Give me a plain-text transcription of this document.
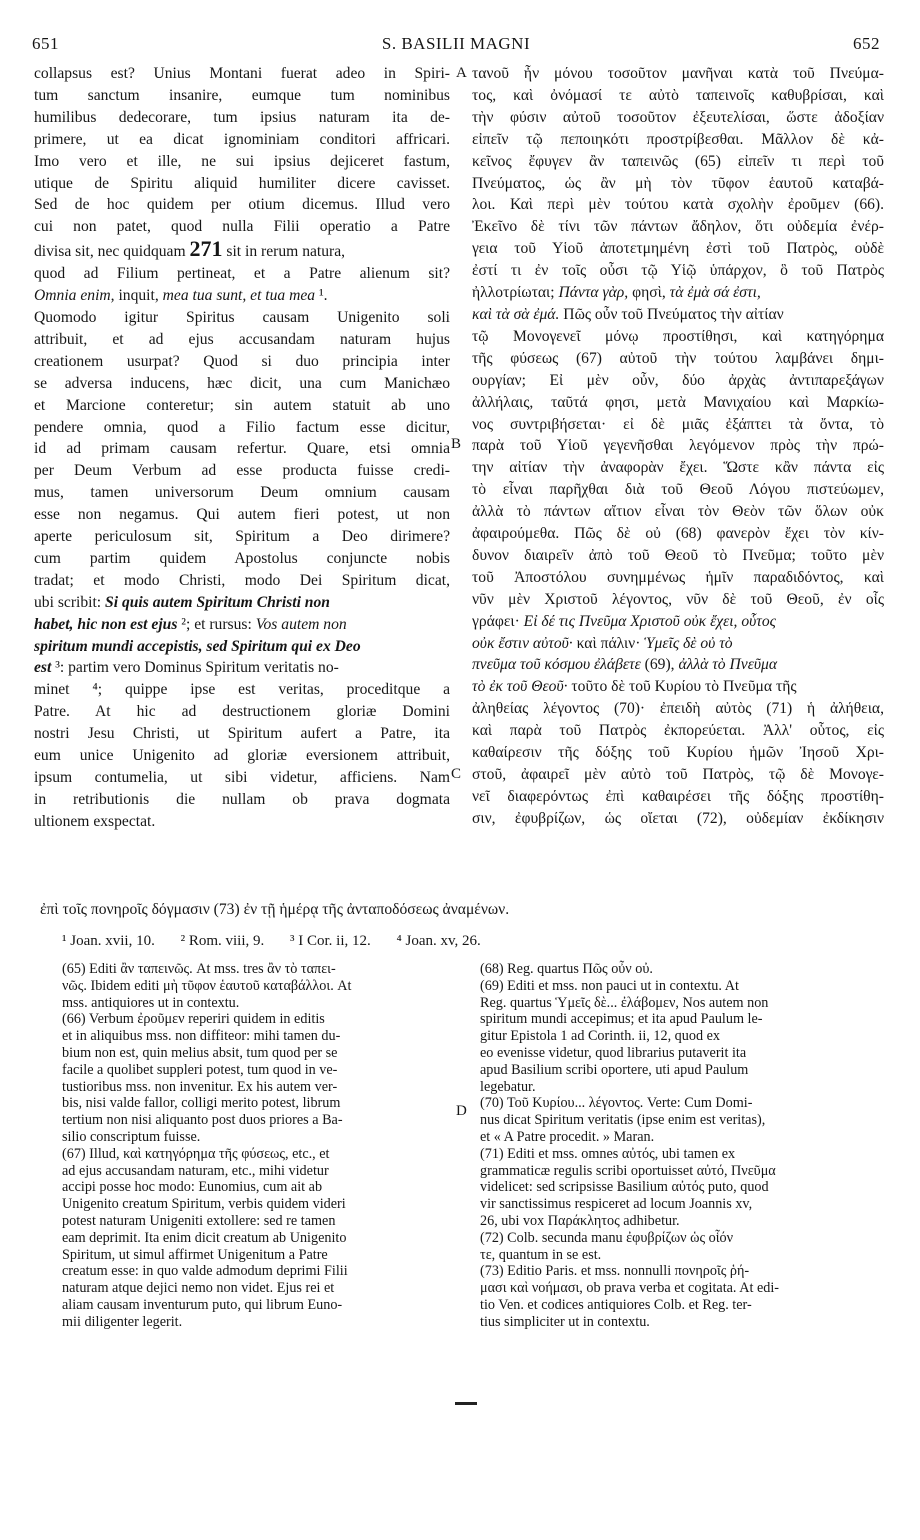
651	S. BASILII MAGNI	652
A
B
C
D
collapsus est? Unius Montani fuerat adeo in Spiri-
tum sanctum insanire, eumque tum nominibus
humilibus dedecorare, tum ipsius naturam ita de-
primere, ut ea dicat ignominiam conditori affricari.
Imo vero et ille, ne sui ipsius dejiceret fastum,
utique de Spiritu aliquid humiliter dicere cavisset.
Sed de hoc quidem per otium dicemus. Illud vero
cui non patet, quod nulla Filii operatio a Patre
divisa sit, nec quidquam 271 sit in rerum natura,
quod ad Filium pertineat, et a Patre alienum sit?
Omnia enim, inquit, mea tua sunt, et tua mea ¹.
Quomodo igitur Spiritus causam Unigenito soli
attribuit, et ad ejus accusandam naturam hujus
creationem usurpat? Quod si duo principia inter
se adversa inducens, hæc dicit, una cum Manichæo
et Marcione conteretur; sin autem statuit ab uno
pendere omnia, quod a Filio factum esse dicitur,
id ad primam causam refertur. Quare, etsi omnia
per Deum Verbum ad esse producta fuisse credi-
mus, tamen universorum Deum omnium causam
esse non negamus. Qui autem fieri potest, ut non
aperte periculosum sit, Spiritum a Deo dirimere?
cum partim quidem Apostolus conjuncte nobis
tradat; et modo Christi, modo Dei Spiritum dicat,
ubi scribit: Si quis autem Spiritum Christi non
habet, hic non est ejus ²; et rursus: Vos autem non
spiritum mundi accepistis, sed Spiritum qui ex Deo
est ³: partim vero Dominus Spiritum veritatis no-
minet ⁴; quippe ipse est veritas, proceditque a
Patre. At hic ad destructionem gloriæ Domini
nostri Jesu Christi, ut Spiritum aufert a Patre, ita
eum unice Unigenito ad gloriæ eversionem attribuit,
ipsum contumelia, ut sibi videtur, afficiens. Nam
in retributionis die nullam ob prava dogmata
ultionem exspectat.
τανοῦ ἦν μόνου τοσοῦτον μανῆναι κατὰ τοῦ Πνεύμα-
τος, καὶ ὀνόμασί τε αὐτὸ ταπεινοῖς καθυβρίσαι, καὶ
τὴν φύσιν αὐτοῦ τοσοῦτον ἐξευτελίσαι, ὥστε ἀδοξίαν
εἰπεῖν τῷ πεποιηκότι προστρίβεσθαι. Μᾶλλον δὲ κἀ-
κεῖνος ἔφυγεν ἂν ταπεινῶς (65) εἰπεῖν τι περὶ τοῦ
Πνεύματος, ὡς ἂν μὴ τὸν τῦφον ἑαυτοῦ καταβά-
λοι. Καὶ περὶ μὲν τούτου κατὰ σχολὴν ἐροῦμεν (66).
Ἐκεῖνο δὲ τίνι τῶν πάντων ἄδηλον, ὅτι οὐδεμία ἐνέρ-
γεια τοῦ Υἱοῦ ἀποτετμημένη ἐστὶ τοῦ Πατρὸς, οὐδὲ
ἐστί τι ἐν τοῖς οὖσι τῷ Υἱῷ ὑπάρχον, ὃ τοῦ Πατρὸς
ἠλλοτρίωται; Πάντα γὰρ, φησὶ, τὰ ἐμὰ σά ἐστι,
καὶ τὰ σὰ ἐμά. Πῶς οὖν τοῦ Πνεύματος τὴν αἰτίαν
τῷ Μονογενεῖ μόνῳ προστίθησι, καὶ κατηγόρημα
τῆς φύσεως (67) αὐτοῦ τὴν τούτου λαμβάνει δημι-
ουργίαν; Εἰ μὲν οὖν, δύο ἀρχὰς ἀντιπαρεξάγων
ἀλλήλαις, ταῦτά φησι, μετὰ Μανιχαίου καὶ Μαρκίω-
νος συντριβήσεται· εἰ δὲ μιᾶς ἐξάπτει τὰ ὄντα, τὸ
παρὰ τοῦ Υἱοῦ γεγενῆσθαι λεγόμενον πρὸς τὴν πρώ-
την αἰτίαν τὴν ἀναφορὰν ἔχει. Ὥστε κἂν πάντα εἰς
τὸ εἶναι παρῆχθαι διὰ τοῦ Θεοῦ Λόγου πιστεύωμεν,
ἀλλὰ τὸ πάντων αἴτιον εἶναι τὸν Θεὸν τῶν ὅλων οὐκ
ἀφαιρούμεθα. Πῶς δὲ οὐ (68) φανερὸν ἔχει τὸν κίν-
δυνον διαιρεῖν ἀπὸ τοῦ Θεοῦ τὸ Πνεῦμα; τοῦτο μὲν
τοῦ Ἀποστόλου συνημμένως ἡμῖν παραδιδόντος, καὶ
νῦν μὲν Χριστοῦ λέγοντος, νῦν δὲ τοῦ Θεοῦ, ἐν οἷς
γράφει· Εἰ δέ τις Πνεῦμα Χριστοῦ οὐκ ἔχει, οὗτος
οὐκ ἔστιν αὐτοῦ· καὶ πάλιν· Ὑμεῖς δὲ οὐ τὸ
πνεῦμα τοῦ κόσμου ἐλάβετε (69), ἀλλὰ τὸ Πνεῦμα
τὸ ἐκ τοῦ Θεοῦ· τοῦτο δὲ τοῦ Κυρίου τὸ Πνεῦμα τῆς
ἀληθείας λέγοντος (70)· ἐπειδὴ αὐτὸς (71) ἡ ἀλήθεια,
καὶ παρὰ τοῦ Πατρὸς ἐκπορεύεται. Ἀλλ' οὗτος, εἰς
καθαίρεσιν τῆς δόξης τοῦ Κυρίου ἡμῶν Ἰησοῦ Χρι-
στοῦ, ἀφαιρεῖ μὲν αὐτὸ τοῦ Πατρὸς, τῷ δὲ Μονογε-
νεῖ διαφερόντως ἐπὶ καθαιρέσει τῆς δόξης προστίθη-
σιν, ἐφυβρίζων, ὡς οἴεται (72), οὐδεμίαν ἐκδίκησιν
ἐπὶ τοῖς πονηροῖς δόγμασιν (73) ἐν τῇ ἡμέρᾳ τῆς ἀνταποδόσεως ἀναμένων.
¹ Joan. xvii, 10. ² Rom. viii, 9. ³ I Cor. ii, 12. ⁴ Joan. xv, 26.

(65) Editi ἂν ταπεινῶς. At mss. tres ἂν τὸ ταπει-
νῶς. Ibidem editi μὴ τῦφον ἑαυτοῦ καταβάλλοι. At
mss. antiquiores ut in contextu.

(66) Verbum ἐροῦμεν reperiri quidem in editis
et in aliquibus mss. non diffiteor: mihi tamen du-
bium non est, quin melius absit, tum quod per se
facile a quolibet suppleri potest, tum quod in ve-
tustioribus mss. non invenitur. Ex his autem ver-
bis, nisi valde fallor, colligi merito potest, librum
tertium non nisi aliquanto post duos priores a Ba-
silio conscriptum fuisse.

(67) Illud, καὶ κατηγόρημα τῆς φύσεως, etc., et
ad ejus accusandam naturam, etc., mihi videtur
accipi posse hoc modo: Eunomius, cum ait ab
Unigenito creatum Spiritum, verbis quidem videri
potest naturam Unigeniti extollere: sed re tamen
eam deprimit. Ita enim dicit creatum ab Unigenito
Spiritum, ut simul affirmet Unigenitum a Patre
creatum esse: in quo valde admodum deprimi Filii
naturam atque dejici nemo non videt. Ejus rei et
aliam causam inventurum puto, qui librum Euno-
mii diligenter legerit.

(68) Reg. quartus Πῶς οὖν οὐ.

(69) Editi et mss. non pauci ut in contextu. At
Reg. quartus Ὑμεῖς δὲ... ἐλάβομεν, Nos autem non
spiritum mundi accepimus; et ita apud Paulum le-
gitur Epistola 1 ad Corinth. ii, 12, quod ex
eo evenisse videtur, quod librarius putaverit ita
apud Basilium scribi oportere, uti apud Paulum
legebatur.

(70) Τοῦ Κυρίου... λέγοντος. Verte: Cum Domi-
nus dicat Spiritum veritatis (ipse enim est veritas),
et « A Patre procedit. » Maran.

(71) Editi et mss. omnes αὐτός, ubi tamen ex
grammaticæ regulis scribi oportuisset αὐτό, Πνεῦμα
videlicet: sed scripsisse Basilium αὐτός puto, quod
vir sanctissimus respiceret ad locum Joannis xv,
26, ubi vox Παράκλητος adhibetur.

(72) Colb. secunda manu ἐφυβρίζων ὡς οἷόν
τε, quantum in se est.

(73) Editio Paris. et mss. nonnulli πονηροῖς ῥή-
μασι καὶ νοήμασι, ob prava verba et cogitata. At edi-
tio Ven. et codices antiquiores Colb. et Reg. ter-
tius simpliciter ut in contextu.
